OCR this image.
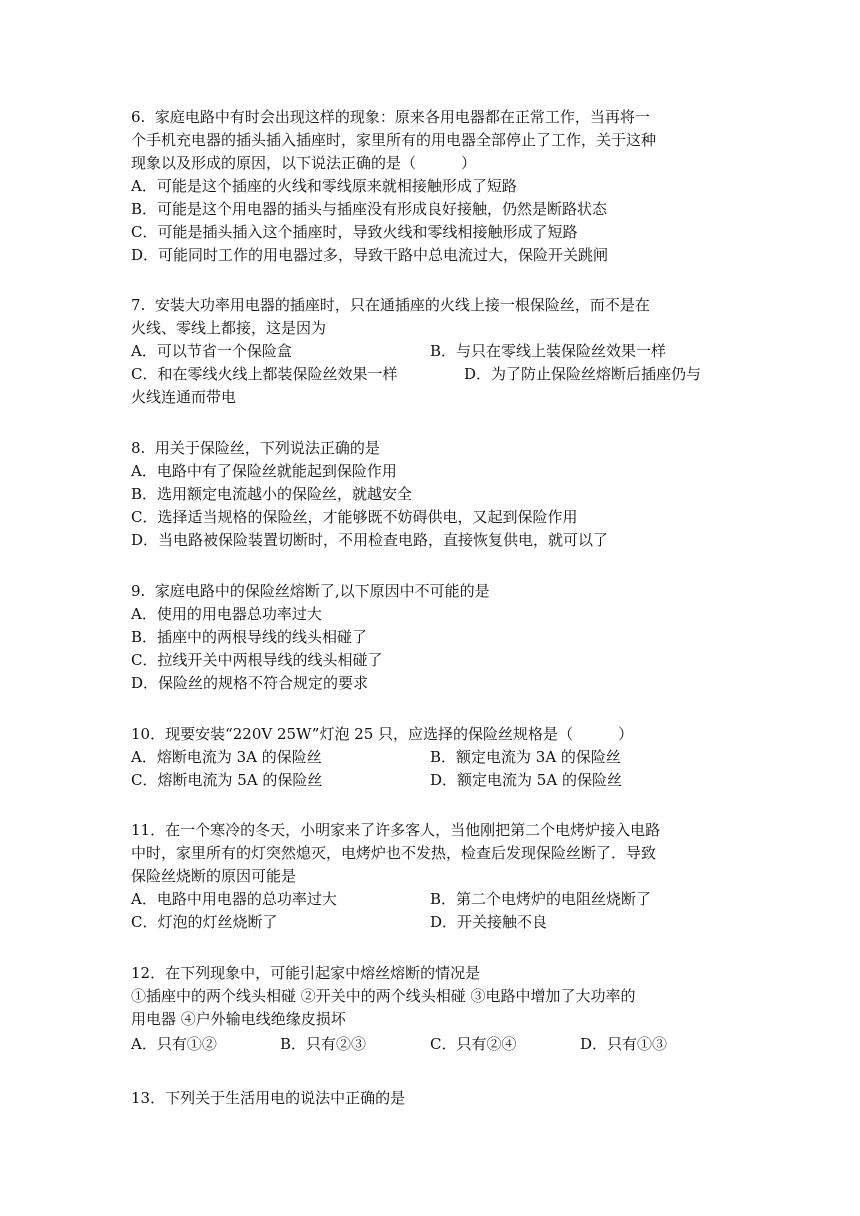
6.  家庭电路中有时会出现这样的现象：原来各用电器都在正常工作，当再将一
个手机充电器的插头插入插座时，家里所有的用电器全部停止了工作，关于这种
现象以及形成的原因，以下说法正确的是（　　　）
A．可能是这个插座的火线和零线原来就相接触形成了短路
B．可能是这个用电器的插头与插座没有形成良好接触，仍然是断路状态
C．可能是插头插入这个插座时，导致火线和零线相接触形成了短路
D．可能同时工作的用电器过多，导致干路中总电流过大，保险开关跳闸
7.  安装大功率用电器的插座时，只在通插座的火线上接一根保险丝，而不是在
火线、零线上都接，这是因为
A．可以节省一个保险盒	B．与只在零线上装保险丝效果一样
C．和在零线火线上都装保险丝效果一样	D．为了防止保险丝熔断后插座仍与
火线连通而带电
8.  用关于保险丝，下列说法正确的是
A．电路中有了保险丝就能起到保险作用
B．选用额定电流越小的保险丝，就越安全
C．选择适当规格的保险丝，才能够既不妨碍供电，又起到保险作用
D．当电路被保险装置切断时，不用检查电路，直接恢复供电，就可以了
9.  家庭电路中的保险丝熔断了,以下原因中不可能的是
A．使用的用电器总功率过大
B．插座中的两根导线的线头相碰了
C．拉线开关中两根导线的线头相碰了
D．保险丝的规格不符合规定的要求
10．现要安装“220V 25W”灯泡 25 只，应选择的保险丝规格是（　　　）
A．熔断电流为 3A 的保险丝	B．额定电流为 3A 的保险丝
C．熔断电流为 5A 的保险丝	D．额定电流为 5A 的保险丝
11．在一个寒冷的冬天，小明家来了许多客人，当他刚把第二个电烤炉接入电路
中时，家里所有的灯突然熄灭，电烤炉也不发热，检查后发现保险丝断了．导致
保险丝烧断的原因可能是
A．电路中用电器的总功率过大	B．第二个电烤炉的电阻丝烧断了
C．灯泡的灯丝烧断了	D．开关接触不良
12．在下列现象中，可能引起家中熔丝熔断的情况是
①插座中的两个线头相碰 ②开关中的两个线头相碰 ③电路中增加了大功率的
用电器 ④户外输电线绝缘皮损坏
A．只有①②	B．只有②③	C．只有②④	D．只有①③
13．下列关于生活用电的说法中正确的是
